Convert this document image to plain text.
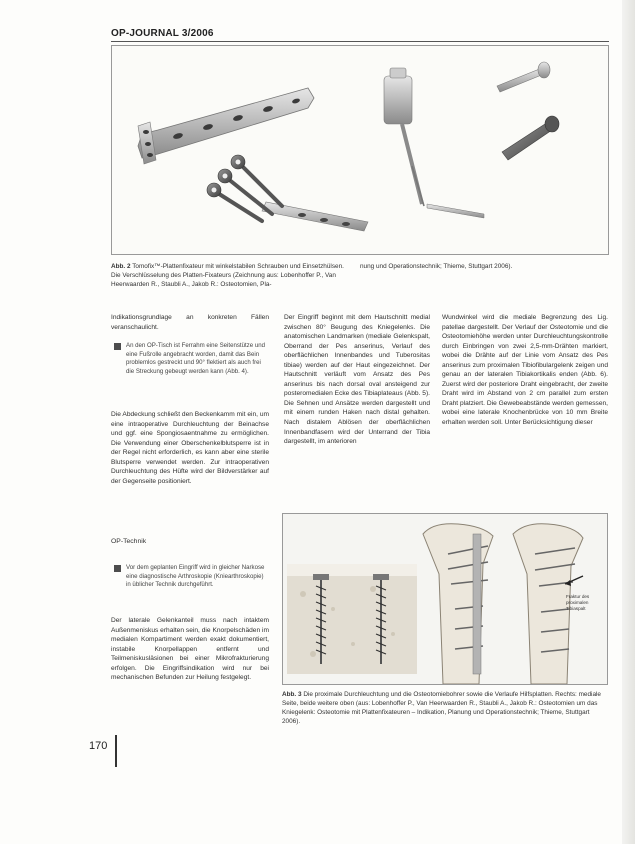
OP-JOURNAL 3/2006
Abb. 2 Tomofix™-Plattenfixateur mit winkelstabilen Schrauben und Einsetzhülsen. Die Verschlüsselung des Platten-Fixateurs (Zeichnung aus: Lobenhoffer P., Van Heerwaarden R., Staubli A., Jakob R.: Osteotomien, Pla-
nung und Operationstechnik; Thieme, Stuttgart 2006).
Indikationsgrundlage an konkreten Fällen veranschaulicht.
An den OP-Tisch ist Ferrahm eine Seitenstütze und eine Fußrolle angebracht worden, damit das Bein problemlos gestreckt und 90° flektiert als auch frei die Streckung gebeugt werden kann (Abb. 4).
Die Abdeckung schließt den Beckenkamm mit ein, um eine intraoperative Durchleuchtung der Beinachse und ggf. eine Spongiosaentnahme zu ermöglichen. Die Verwendung einer Oberschenkelblutsperre ist in der Regel nicht erforderlich, es kann aber eine sterile Blutsperre verwendet werden. Zur intraoperativen Durchleuchtung des Hüfte wird der Bildverstärker auf der Gegenseite positioniert.
OP-Technik
Vor dem geplanten Eingriff wird in gleicher Narkose eine diagnostische Arthroskopie (Kniearthroskopie) in üblicher Technik durchgeführt.
Der laterale Gelenkanteil muss nach intaktem Außenmeniskus erhalten sein, die Knorpelschäden im medialen Kompartiment werden exakt dokumentiert, instabile Knorpellappen entfernt und Teilmeniskusläsionen bei einer Mikrofrakturierung erfolgen. Die Eingriffsindikation wird nur bei mechanischen Befunden zur Heilung festgelegt.
Der Eingriff beginnt mit dem Hautschnitt medial zwischen 80° Beugung des Kniegelenks. Die anatomischen Landmarken (mediale Gelenkspalt, Oberrand der Pes anserinus, Verlauf des oberflächlichen Innenbandes und Tuberositas tibiae) werden auf der Haut eingezeichnet. Der Hautschnitt verläuft vom Ansatz des Pes anserinus bis nach dorsal oval ansteigend zur posteromedialen Ecke des Tibiaplateaus (Abb. 5). Die Sehnen und Ansätze werden dargestellt und mit einem runden Haken nach distal gehalten. Nach distalem Ablösen der oberflächlichen Innenbandfasern wird der Unterrand der Tibia dargestellt, im anterioren
Wundwinkel wird die mediale Begrenzung des Lig. patellae dargestellt. Der Verlauf der Osteotomie und die Osteotomiehöhe werden unter Durchleuchtungskontrolle durch Einbringen von zwei 2,5-mm-Drähten markiert, wobei die Drähte auf der Linie vom Ansatz des Pes anserinus zum proximalen Tibiofibulargelenk zeigen und genau an der lateralen Tibiakortikalis enden (Abb. 6). Zuerst wird der posteriore Draht eingebracht, der zweite Draht wird im Abstand von 2 cm parallel zum ersten Draht platziert. Die Gewebeabstände werden gemessen, wobei eine laterale Knochenbrücke von 10 mm Breite erhalten werden soll. Unter Berücksichtigung dieser
Fraktur des proximalen Tibiaspalt
Abb. 3 Die proximale Durchleuchtung und die Osteotomiebohrer sowie die Verlaufe Hilfsplatten. Rechts: mediale Seite, beide weitere oben (aus: Lobenhoffer P., Van Heerwaarden R., Staubli A., Jakob R.: Osteotomien um das Kniegelenk: Osteotomie mit Plattenfixateuren – Indikation, Planung und Operationstechnik; Thieme, Stuttgart 2006).
170
